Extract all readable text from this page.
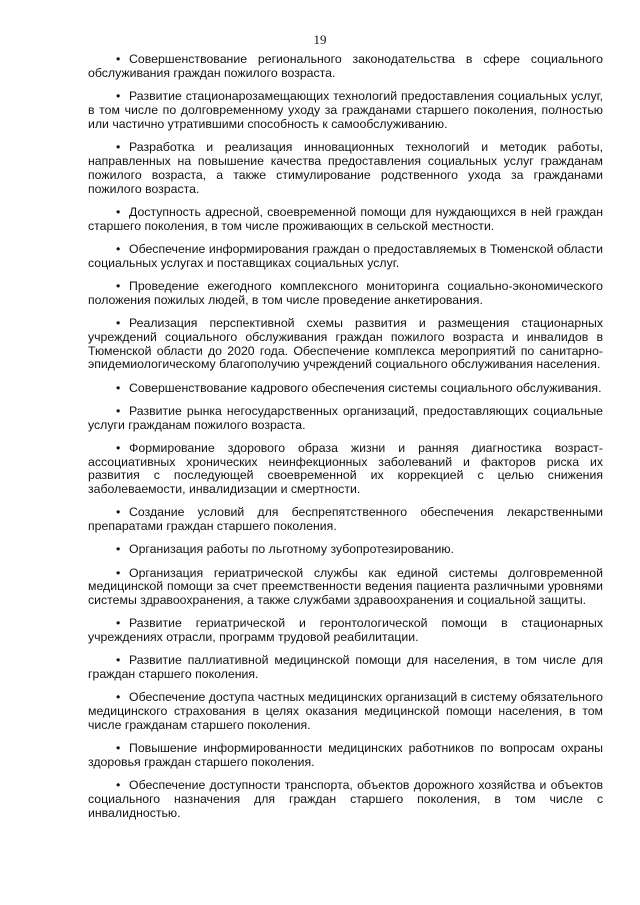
19

• Совершенствование регионального законодательства в сфере социального обслуживания граждан пожилого возраста.

• Развитие стационарозамещающих технологий предоставления социальных услуг, в том числе по долговременному уходу за гражданами старшего поколения, полностью или частично утратившими способность к самообслуживанию.

• Разработка и реализация инновационных технологий и методик работы, направленных на повышение качества предоставления социальных услуг гражданам пожилого возраста, а также стимулирование родственного ухода за гражданами пожилого возраста.

• Доступность адресной, своевременной помощи для нуждающихся в ней граждан старшего поколения, в том числе проживающих в сельской местности.

• Обеспечение информирования граждан о предоставляемых в Тюменской области социальных услугах и поставщиках социальных услуг.

• Проведение ежегодного комплексного мониторинга социально-экономического положения пожилых людей, в том числе проведение анкетирования.

• Реализация перспективной схемы развития и размещения стационарных учреждений социального обслуживания граждан пожилого возраста и инвалидов в Тюменской области до 2020 года. Обеспечение комплекса мероприятий по санитарно-эпидемиологическому благополучию учреждений социального обслуживания населения.

• Совершенствование кадрового обеспечения системы социального обслуживания.

• Развитие рынка негосударственных организаций, предоставляющих социальные услуги гражданам пожилого возраста.

• Формирование здорового образа жизни и ранняя диагностика возраст-ассоциативных хронических неинфекционных заболеваний и факторов риска их развития с последующей своевременной их коррекцией с целью снижения заболеваемости, инвалидизации и смертности.

• Создание условий для беспрепятственного обеспечения лекарственными препаратами граждан старшего поколения.

• Организация работы по льготному зубопротезированию.

• Организация гериатрической службы как единой системы долговременной медицинской помощи за счет преемственности ведения пациента различными уровнями системы здравоохранения, а также службами здравоохранения и социальной защиты.

• Развитие гериатрической и геронтологической помощи в стационарных учреждениях отрасли, программ трудовой реабилитации.

• Развитие паллиативной медицинской помощи для населения, в том числе для граждан старшего поколения.

• Обеспечение доступа частных медицинских организаций в систему обязательного медицинского страхования в целях оказания медицинской помощи населения, в том числе гражданам старшего поколения.

• Повышение информированности медицинских работников по вопросам охраны здоровья граждан старшего поколения.

• Обеспечение доступности транспорта, объектов дорожного хозяйства и объектов социального назначения для граждан старшего поколения, в том числе с инвалидностью.
